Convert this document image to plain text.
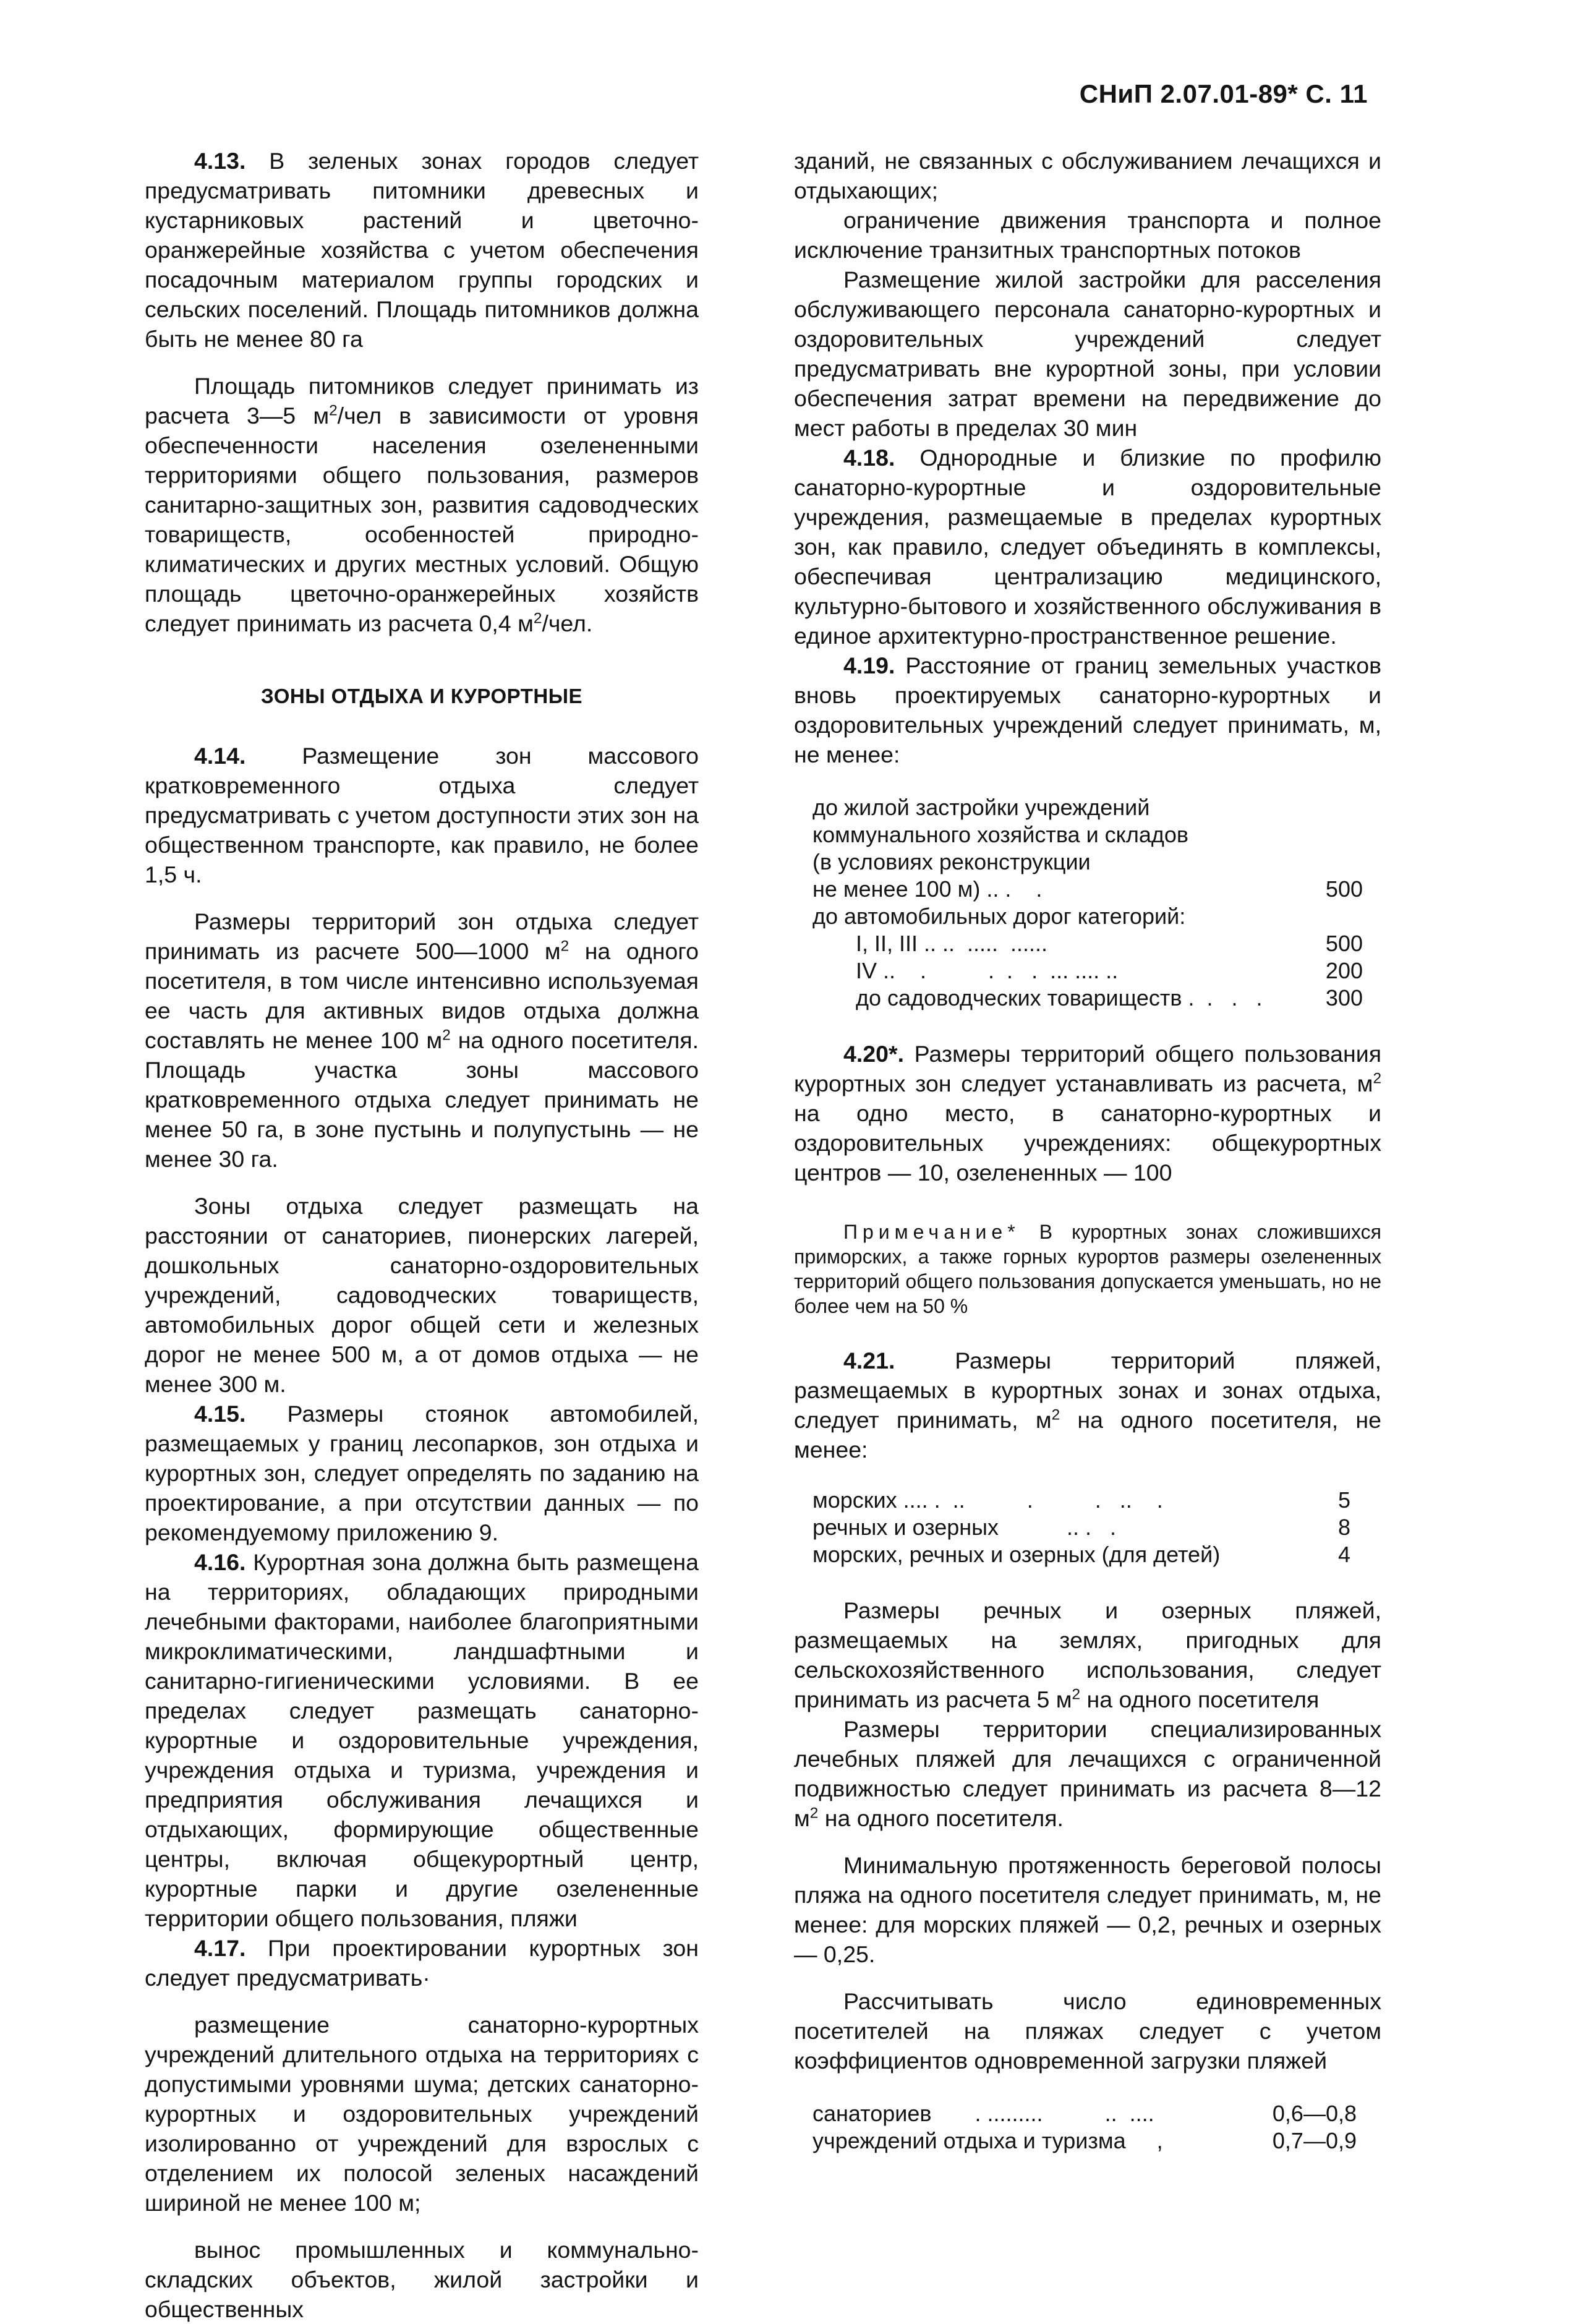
СНиП 2.07.01-89* С. 11

4.13. В зеленых зонах городов следует предусматривать питомники древесных и кустарниковых растений и цветочно-оранжерейные хозяйства с учетом обеспечения посадочным материалом группы городских и сельских поселений. Площадь питомников должна быть не менее 80 га

Площадь питомников следует принимать из расчета 3—5 $м^2$/чел в зависимости от уровня обеспеченности населения озелененными территориями общего пользования, размеров санитарно-защитных зон, развития садоводческих товариществ, особенностей природно-климатических и других местных условий. Общую площадь цветочно-оранжерейных хозяйств следует принимать из расчета 0,4 $м^2$/чел.

ЗОНЫ ОТДЫХА И КУРОРТНЫЕ

4.14. Размещение зон массового кратковременного отдыха следует предусматривать с учетом доступности этих зон на общественном транспорте, как правило, не более 1,5 ч.

Размеры территорий зон отдыха следует принимать из расчете 500—1000 $м^2$ на одного посетителя, в том числе интенсивно используемая ее часть для активных видов отдыха должна составлять не менее 100 $м^2$ на одного посетителя. Площадь участка зоны массового кратковременного отдыха следует принимать не менее 50 га, в зоне пустынь и полупустынь — не менее 30 га.

Зоны отдыха следует размещать на расстоянии от санаториев, пионерских лагерей, дошкольных санаторно-оздоровительных учреждений, садоводческих товариществ, автомобильных дорог общей сети и железных дорог не менее 500 м, а от домов отдыха — не менее 300 м.

4.15. Размеры стоянок автомобилей, размещаемых у границ лесопарков, зон отдыха и курортных зон, следует определять по заданию на проектирование, а при отсутствии данных — по рекомендуемому приложению 9.

4.16. Курортная зона должна быть размещена на территориях, обладающих природными лечебными факторами, наиболее благоприятными микроклиматическими, ландшафтными и санитарно-гигиеническими условиями. В ее пределах следует размещать санаторно-курортные и оздоровительные учреждения, учреждения отдыха и туризма, учреждения и предприятия обслуживания лечащихся и отдыхающих, формирующие общественные центры, включая общекурортный центр, курортные парки и другие озелененные территории общего пользования, пляжи

4.17. При проектировании курортных зон следует предусматривать·

размещение санаторно-курортных учреждений длительного отдыха на территориях с допустимыми уровнями шума; детских санаторно-курортных и оздоровительных учреждений изолированно от учреждений для взрослых с отделением их полосой зеленых насаждений шириной не менее 100 м;

вынос промышленных и коммунально-складских объектов, жилой застройки и общественных

зданий, не связанных с обслуживанием лечащихся и отдыхающих;

ограничение движения транспорта и полное исключение транзитных транспортных потоков

Размещение жилой застройки для расселения обслуживающего персонала санаторно-курортных и оздоровительных учреждений следует предусматривать вне курортной зоны, при условии обеспечения затрат времени на передвижение до мест работы в пределах 30 мин

4.18. Однородные и близкие по профилю санаторно-курортные и оздоровительные учреждения, размещаемые в пределах курортных зон, как правило, следует объединять в комплексы, обеспечивая централизацию медицинского, культурно-бытового и хозяйственного обслуживания в единое архитектурно-пространственное решение.

4.19. Расстояние от границ земельных участков вновь проектируемых санаторно-курортных и оздоровительных учреждений следует принимать, м, не менее:

до жилой застройки учреждений
коммунального хозяйства и складов
(в условиях реконструкции
не менее 100 м) .. .    .	500
до автомобильных дорог категорий:
I, II, III .. ..  .....  ......	500
IV ..    .          .  .   .  ... .... ..	200
до садоводческих товариществ .  .   .   .	300

4.20*. Размеры территорий общего пользования курортных зон следует устанавливать из расчета, $м^2$ на одно место, в санаторно-курортных и оздоровительных учреждениях: общекурортных центров — 10, озелененных — 100

Примечание* В курортных зонах сложившихся приморских, а также горных курортов размеры озелененных территорий общего пользования допускается уменьшать, но не более чем на 50 %

4.21.	Размеры территорий пляжей, размещаемых в курортных зонах и зонах отдыха, следует принимать, $м^2$ на одного посетителя, не менее:

морских .... .  ..          .          .   ..    .	5
речных и озерных           .. .   .	8
морских, речных и озерных (для детей)	4

Размеры речных и озерных пляжей, размещаемых на землях, пригодных для сельскохозяйственного использования, следует принимать из расчета 5 $м^2$ на одного посетителя

Размеры территории специализированных лечебных пляжей для лечащихся с ограниченной подвижностью следует принимать из расчета 8—12 $м^2$ на одного посетителя.

Минимальную протяженность береговой полосы пляжа на одного посетителя следует принимать, м, не менее: для морских пляжей — 0,2, речных и озерных — 0,25.

Рассчитывать число единовременных посетителей на пляжах следует с учетом коэффициентов одновременной загрузки пляжей

санаториев       . .........          ..  ....	0,6—0,8
учреждений отдыха и туризма     ,	0,7—0,9
